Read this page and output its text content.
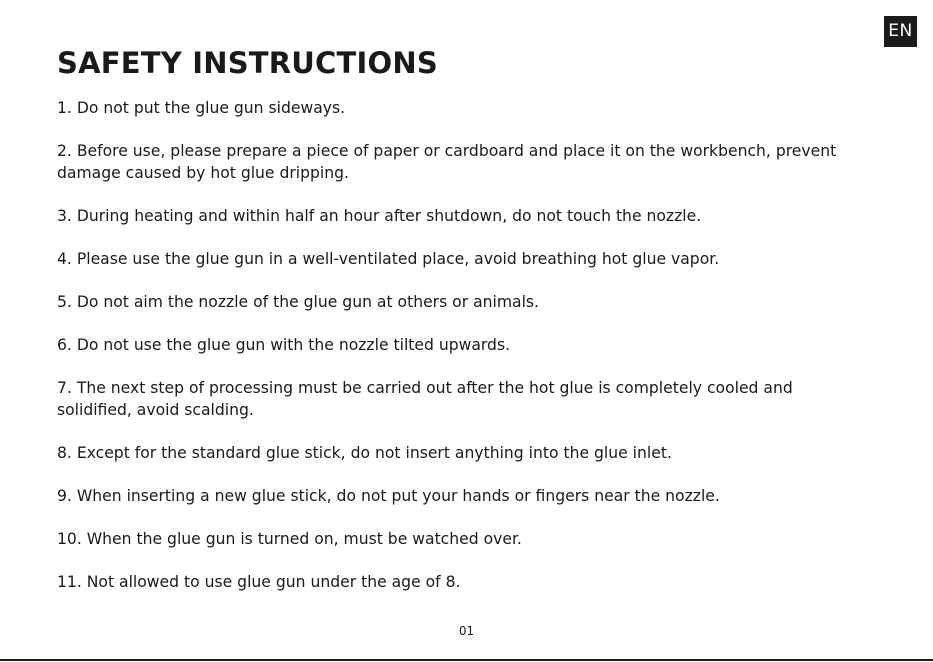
EN
SAFETY INSTRUCTIONS
1. Do not put the glue gun sideways.
2. Before use, please prepare a piece of paper or cardboard and place it on the workbench, prevent damage caused by hot glue dripping.
3. During heating and within half an hour after shutdown, do not touch the nozzle.
4. Please use the glue gun in a well-ventilated place, avoid breathing hot glue vapor.
5. Do not aim the nozzle of the glue gun at others or animals.
6. Do not use the glue gun with the nozzle tilted upwards.
7. The next step of processing must be carried out after the hot glue is completely cooled and solidified, avoid scalding.
8. Except for the standard glue stick, do not insert anything into the glue inlet.
9. When inserting a new glue stick, do not put your hands or fingers near the nozzle.
10. When the glue gun is turned on, must be watched over.
11. Not allowed to use glue gun under the age of 8.
01
